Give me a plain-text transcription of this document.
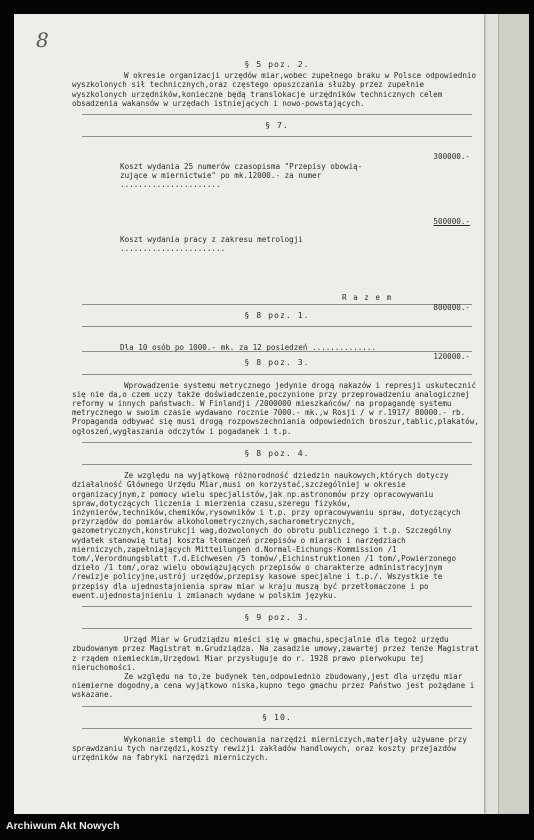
8

§ 5 poz. 2.

W okresie organizacji urzędów miar,wobec zupełnego braku w Polsce odpowiednio wyszkolonych sił technicznych,oraz częstego opuszczania służby przez zupełnie wyszkolonych urzędników,konieczne będą translokacje urzędników technicznych celem obsadzenia wakansów w urzędach istniejących i nowo-powstających.

§ 7.

Koszt wydania 25 numerów czasopisma "Przepisy obowią-
zujące w miernictwie" po mk.12000.- za numer ......................

300000.-

Koszt wydania pracy z zakresu metrologji .......................

500000.-

R a z e m

800000.-

§ 8 poz. 1.

Dla 10 osób po 1000.- mk. za 12 posiedzeń ..............

120000.-

§ 8 poz. 3.

Wprowadzenie systemu metrycznego jedynie drogą nakazów i represji uskutecznić się nie da,o czem uczy także doświadczenie,poczynione przy przeprowadzeniu analogicznej reformy w innych państwach. W Finlandji /2000000 mieszkańców/ na propagandę systemu metrycznego w swoim czasie wydawano rocznie 7000.- mk.,w Rosji / w r.1917/ 80000.- rb. Propaganda odbywać się musi drogą rozpowszechniania odpowiednich broszur,tablic,plakatów, ogłoszeń,wygłaszania odczytów i pogadanek i t.p.

§ 8 poz. 4.

Ze względu na wyjątkową różnorodność dziedzin naukowych,których dotyczy działalność Głównego Urzędu Miar,musi on korzystać,szczególniej w okresie organizacyjnym,z pomocy wielu specjalistów,jak np.astronomów przy opracowywaniu spraw,dotyczących liczenia i mierzenia czasu,szeregu fizyków, inżynierów,techników,chemików,rysowników i t.p. przy opracowywaniu spraw, dotyczących przyrządów do pomiarów alkoholometrycznych,sacharometrycznych, gazometrycznych,konstrukcji wag,dozwolonych do obrotu publicznego i t.p. Szczególny wydatek stanowią tutaj koszta tłomaczeń przepisów o miarach i narzędziach mierniczych,zapełniających Mitteilungen d.Normal-Eichungs-Kommission /1 tom/,Verordnungsblatt f.d.Eichwesen /5 tomów/,Eichinstruktionen /1 tom/,Powierzonego dzieło /1 tom/,oraz wielu obowiązujących przepisów o charakterze administracyjnym /rewizje policyjne,ustrój urzędów,przepisy kasowe specjalne i t.p./. Wszystkie te przepisy dla ujednostajnienia spraw miar w kraju muszą być przetłomaczone i po ewent.ujednostajnieniu i zmianach wydane w polskim języku.

§ 9 poz. 3.

Urząd Miar w Grudziądzu mieści się w gmachu,specjalnie dla tegoż urzędu zbudowanym przez Magistrat m.Grudziądza. Na zasadzie umowy,zawartej przez tenże Magistrat z rządem niemieckim,Urzędowi Miar przysługuje do r. 1928 prawo pierwokupu tej nieruchomości.

Ze względu na to,że budynek ten,odpowiednio zbudowany,jest dla urzędu miar niemierne dogodny,a cena wyjątkowo niska,kupno tego gmachu przez Państwo jest pożądane i wskazane.

§ 10.

Wykonanie stempli do cechowania narzędzi mierniczych,materjały używane przy sprawdzaniu tych narzędzi,koszty rewizji zakładów handlowych, oraz koszty przejazdów urzędników na fabryki narzędzi mierniczych.

Archiwum Akt Nowych
